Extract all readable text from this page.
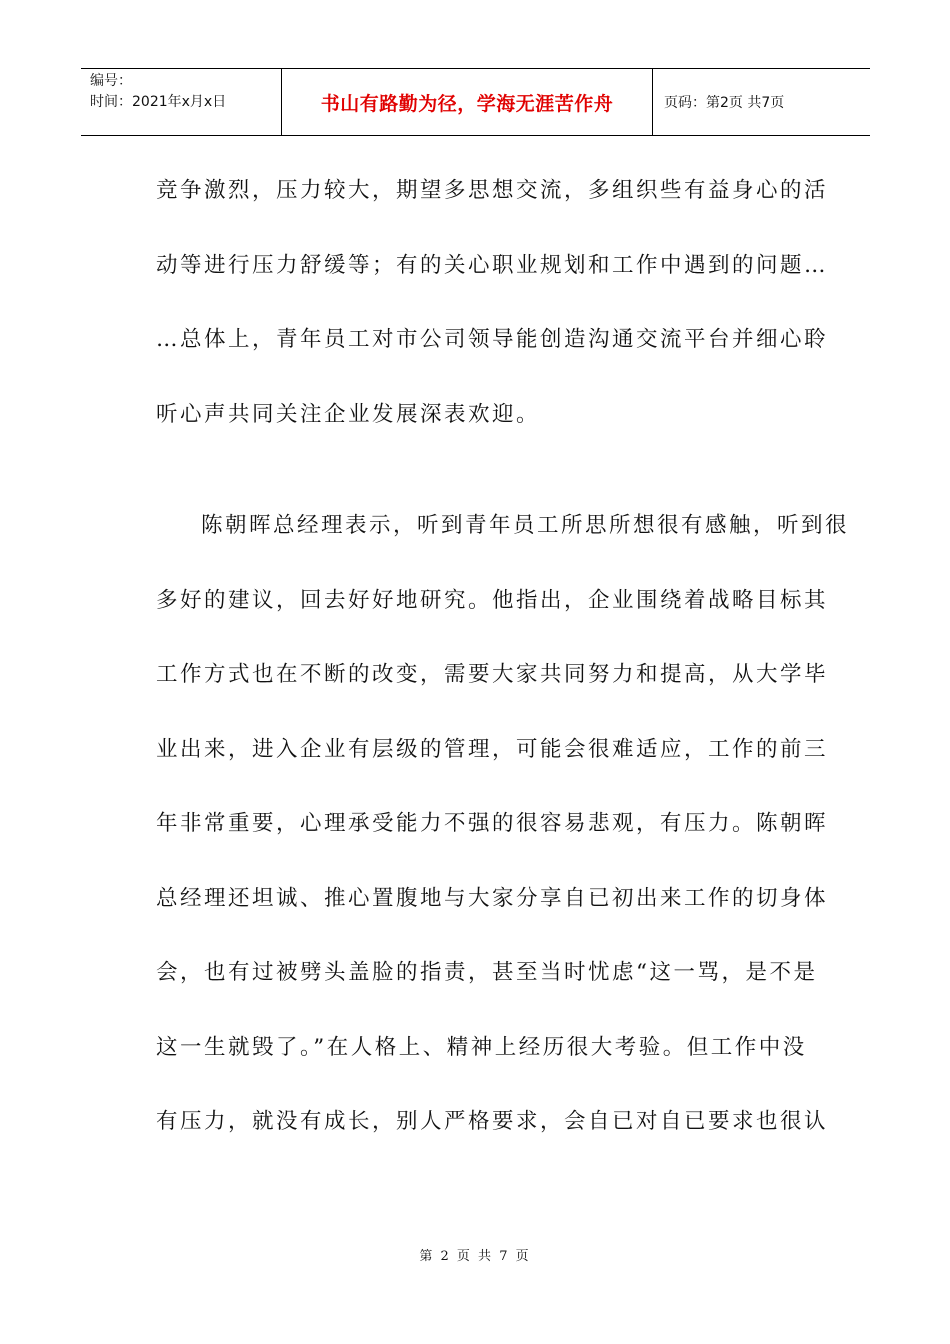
编号：
时间：2021年x月x日	书山有路勤为径，学海无涯苦作舟	页码：第2页 共7页
竞争激烈，压力较大，期望多思想交流，多组织些有益身心的活
动等进行压力舒缓等；有的关心职业规划和工作中遇到的问题…
…总体上，青年员工对市公司领导能创造沟通交流平台并细心聆
听心声共同关注企业发展深表欢迎。
陈朝晖总经理表示，听到青年员工所思所想很有感触，听到很
多好的建议，回去好好地研究。他指出，企业围绕着战略目标其
工作方式也在不断的改变，需要大家共同努力和提高，从大学毕
业出来，进入企业有层级的管理，可能会很难适应，工作的前三
年非常重要，心理承受能力不强的很容易悲观，有压力。陈朝晖
总经理还坦诚、推心置腹地与大家分享自已初出来工作的切身体
会，也有过被劈头盖脸的指责，甚至当时忧虑“这一骂，是不是
这一生就毁了。”在人格上、精神上经历很大考验。但工作中没
有压力，就没有成长，别人严格要求，会自已对自已要求也很认
第 2 页 共 7 页
